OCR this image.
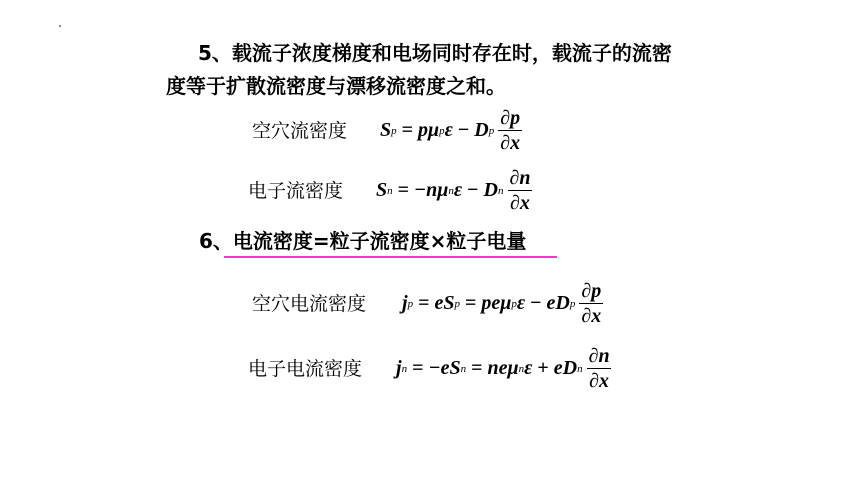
5、载流子浓度梯度和电场同时存在时，载流子的流密
度等于扩散流密度与漂移流密度之和。
空穴流密度 S p = pμ p ε − D p $\frac{\partial p}{\partial x}$
电子流密度 S n = −nμ n ε − D n $\frac{\partial n}{\partial x}$
6、电流密度=粒子流密度×粒子电量
空穴电流密度 j p = eS p = peμ p ε − eD p $\frac{\partial p}{\partial x}$
电子电流密度 j n = −eS n = neμ n ε + eD n $\frac{\partial n}{\partial x}$
